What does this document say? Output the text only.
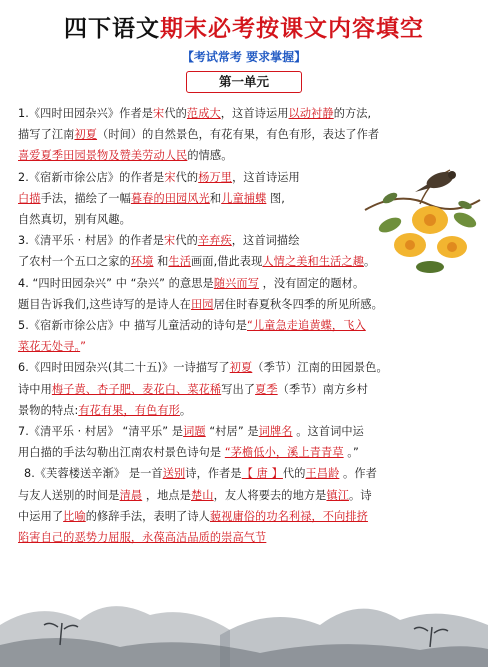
四下语文期末必考按课文内容填空
【考试常考 要求掌握】
第一单元

1.《四时田园杂兴》作者是宋代的范成大，这首诗运用以动衬静的方法,

描写了江南初夏（时间）的自然景色，有花有果，有色有形，表达了作者

喜爱夏季田园景物及赞美劳动人民的情感。

2.《宿新市徐公店》的作者是宋代的杨万里，这首诗运用

白描手法，描绘了一幅暮春的田园风光和儿童捕蝶 图,

自然真切，别有风趣。

3.《清平乐 · 村居》的作者是宋代的辛弃疾，这首词描绘

了农村一个五口之家的环境 和生活画面,借此表现人情之美和生活之趣。

4. “四时田园杂兴” 中 “杂兴” 的意思是随兴而写 ，没有固定的题材。

题目告诉我们,这些诗写的是诗人在田园居住时春夏秋冬四季的所见所感。

5.《宿新市徐公店》中 描写儿童活动的诗句是“儿童急走追黄蝶，飞入

菜花无处寻。”

6.《四时田园杂兴(其二十五)》一诗描写了初夏（季节）江南的田园景色。

诗中用梅子黄、杏子肥、麦花白、菜花稀写出了夏季（季节）南方乡村

景物的特点:有花有果，有色有形。

7.《清平乐 · 村居》 “清平乐” 是词题 “村居” 是词牌名 。这首词中运

用白描的手法勾勒出江南农村景色诗句是 “茅檐低小，溪上青青草 。”

8.《芙蓉楼送辛渐》 是一首送别诗，作者是【 唐 】代的王昌龄 。作者

与友人送别的时间是清晨 ，地点是楚山，友人将要去的地方是镇江。诗

中运用了比喻的修辞手法，表明了诗人藐视庸俗的功名利禄，不向排挤

陷害自己的恶势力屈服，永葆高洁品质的崇高气节
